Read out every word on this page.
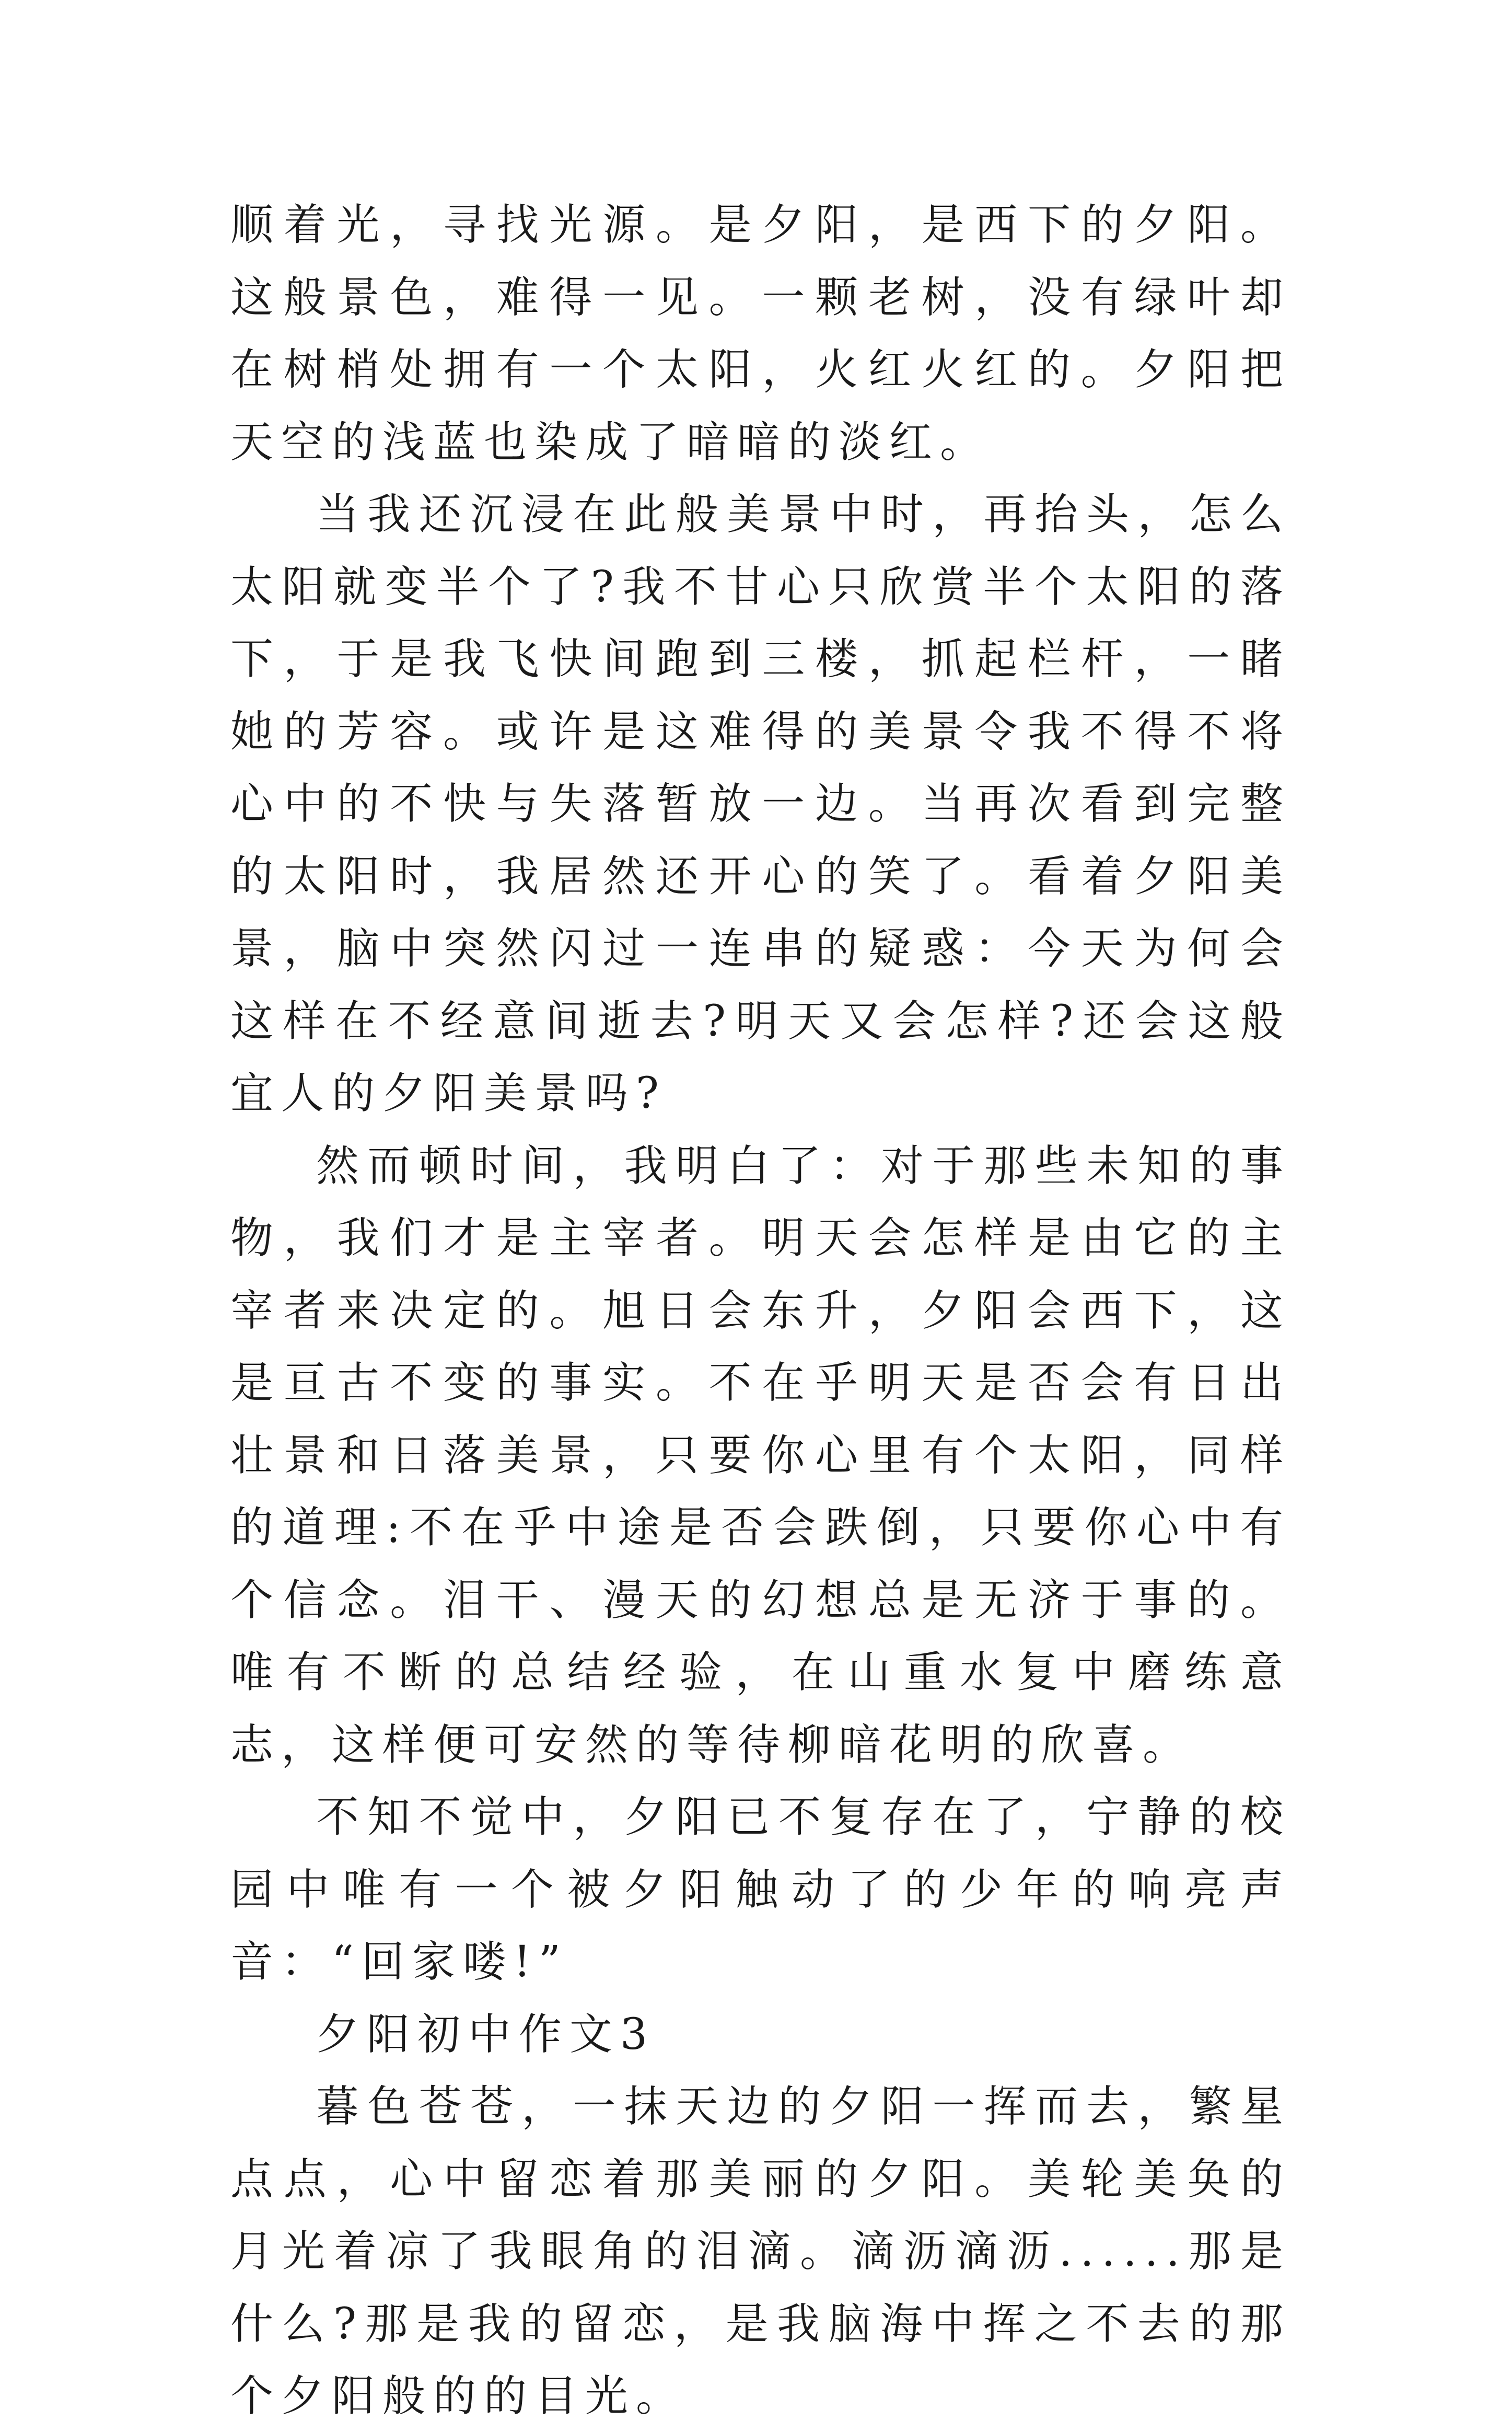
顺着光，寻找光源。是夕阳，是西下的夕阳。这般景色，难得一见。一颗老树，没有绿叶却在树梢处拥有一个太阳，火红火红的。夕阳把天空的浅蓝也染成了暗暗的淡红。

当我还沉浸在此般美景中时，再抬头，怎么太阳就变半个了?我不甘心只欣赏半个太阳的落下，于是我飞快间跑到三楼，抓起栏杆，一睹她的芳容。或许是这难得的美景令我不得不将心中的不快与失落暂放一边。当再次看到完整的太阳时，我居然还开心的笑了。看着夕阳美景，脑中突然闪过一连串的疑惑：今天为何会这样在不经意间逝去?明天又会怎样?还会这般宜人的夕阳美景吗?

然而顿时间，我明白了：对于那些未知的事物，我们才是主宰者。明天会怎样是由它的主宰者来决定的。旭日会东升，夕阳会西下，这是亘古不变的事实。不在乎明天是否会有日出壮景和日落美景，只要你心里有个太阳，同样的道理:不在乎中途是否会跌倒，只要你心中有个信念。泪干、漫天的幻想总是无济于事的。唯有不断的总结经验，在山重水复中磨练意志，这样便可安然的等待柳暗花明的欣喜。

不知不觉中，夕阳已不复存在了，宁静的校园中唯有一个被夕阳触动了的少年的响亮声音：“回家喽!”

夕阳初中作文3

暮色苍苍，一抹天边的夕阳一挥而去，繁星点点，心中留恋着那美丽的夕阳。美轮美奂的月光着凉了我眼角的泪滴。滴沥滴沥......那是什么?那是我的留恋，是我脑海中挥之不去的那个夕阳般的的目光。
